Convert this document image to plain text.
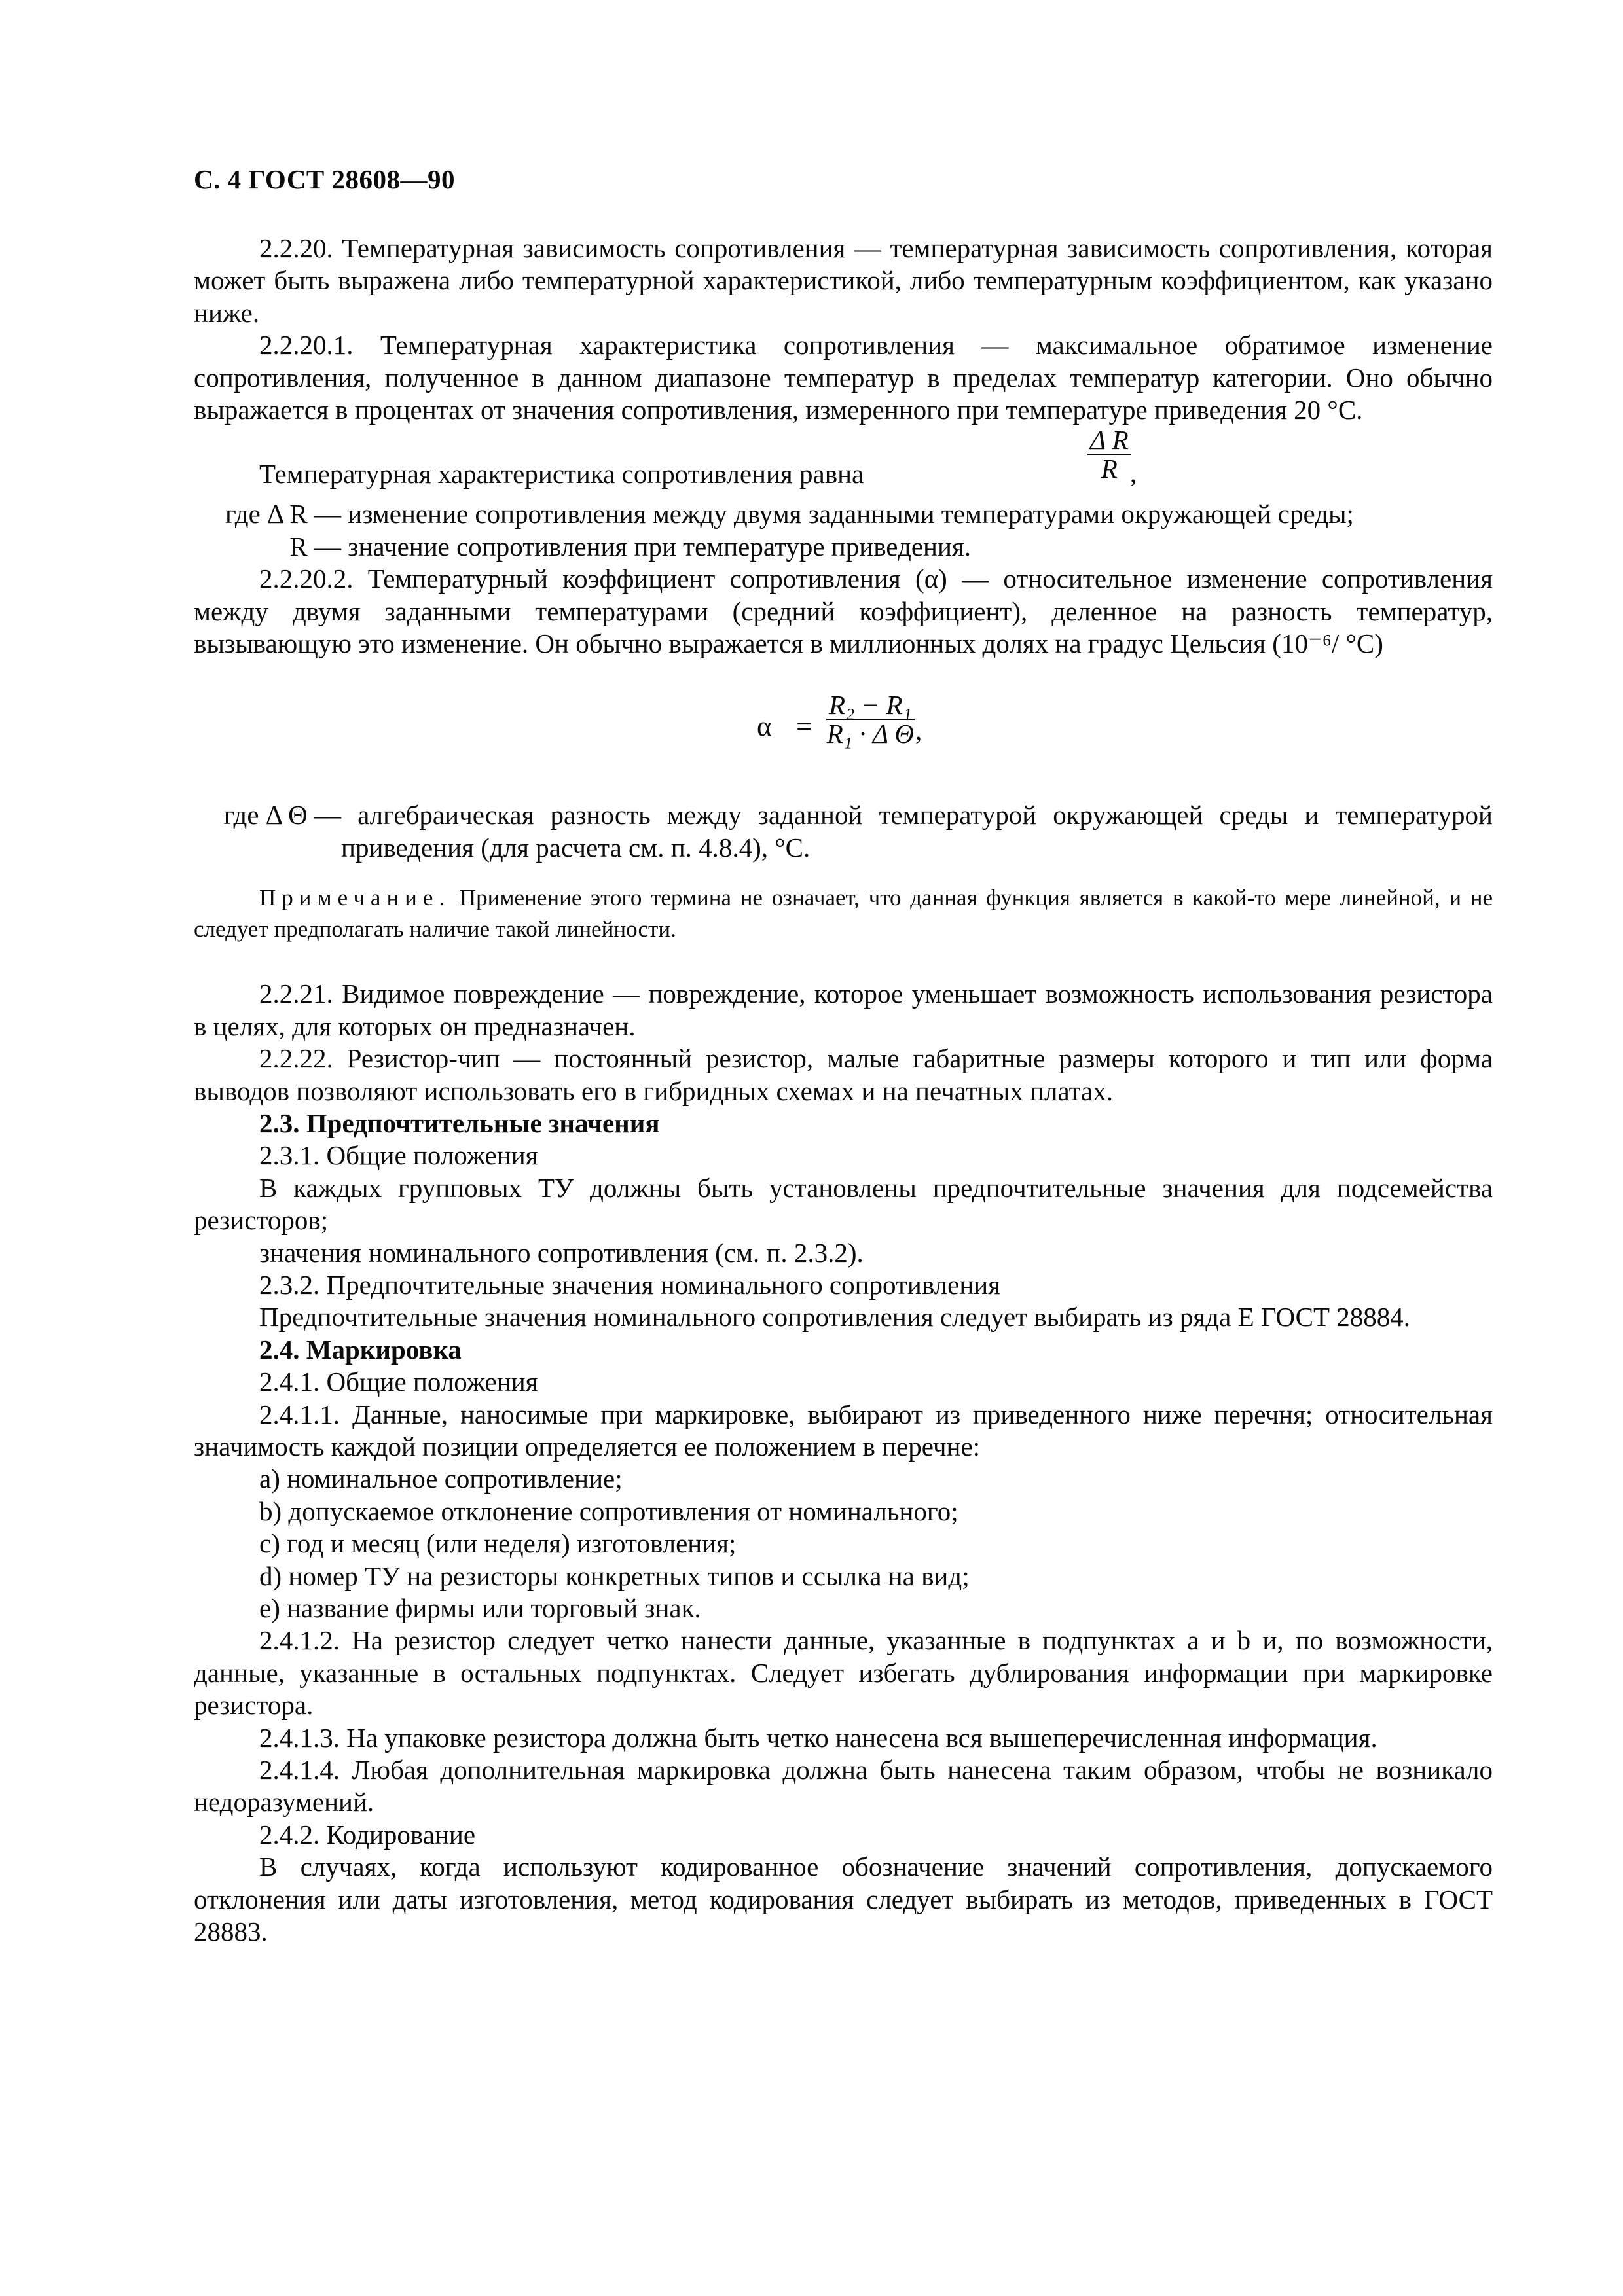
С. 4 ГОСТ 28608—90

2.2.20. Температурная зависимость сопротивления — температурная зависимость сопротивления, которая может быть выражена либо температурной характеристикой, либо температурным коэффициентом, как указано ниже.

2.2.20.1. Температурная характеристика сопротивления — максимальное обратимое изменение сопротивления, полученное в данном диапазоне температур в пределах температур категории. Оно обычно выражается в процентах от значения сопротивления, измеренного при температуре приведения 20 °С.

Температурная характеристика сопротивления равна	$\frac{\text{Δ R}}{R}$
,

где Δ R — изменение сопротивления между двумя заданными температурами окружающей среды;

R — значение сопротивления при температуре приведения.

2.2.20.2. Температурный коэффициент сопротивления (α) — относительное изменение сопротивления между двумя заданными температурами (средний коэффициент), деленное на разность температур, вызывающую это изменение. Он обычно выражается в миллионных долях на градус Цельсия (10⁻⁶/ °С)

$\alpha = \frac{\text{R₂ − R₁}}{\text{R₁ · Δ Θ}}$ ,

где Δ Θ — алгебраическая разность между заданной температурой окружающей среды и температурой приведения (для расчета см. п. 4.8.4), °С.

Примечание. Применение этого термина не означает, что данная функция является в какой-то мере линейной, и не следует предполагать наличие такой линейности.

2.2.21. Видимое повреждение — повреждение, которое уменьшает возможность использования резистора в целях, для которых он предназначен.

2.2.22. Резистор-чип — постоянный резистор, малые габаритные размеры которого и тип или форма выводов позволяют использовать его в гибридных схемах и на печатных платах.

2.3. Предпочтительные значения

2.3.1. Общие положения

В каждых групповых ТУ должны быть установлены предпочтительные значения для подсемейства резисторов;

значения номинального сопротивления (см. п. 2.3.2).

2.3.2. Предпочтительные значения номинального сопротивления

Предпочтительные значения номинального сопротивления следует выбирать из ряда Е ГОСТ 28884.

2.4. Маркировка

2.4.1. Общие положения

2.4.1.1. Данные, наносимые при маркировке, выбирают из приведенного ниже перечня; относительная значимость каждой позиции определяется ее положением в перечне:

a) номинальное сопротивление;

b) допускаемое отклонение сопротивления от номинального;

c) год и месяц (или неделя) изготовления;

d) номер ТУ на резисторы конкретных типов и ссылка на вид;

e) название фирмы или торговый знак.

2.4.1.2. На резистор следует четко нанести данные, указанные в подпунктах a и b и, по возможности, данные, указанные в остальных подпунктах. Следует избегать дублирования информации при маркировке резистора.

2.4.1.3. На упаковке резистора должна быть четко нанесена вся вышеперечисленная информация.

2.4.1.4. Любая дополнительная маркировка должна быть нанесена таким образом, чтобы не возникало недоразумений.

2.4.2. Кодирование

В случаях, когда используют кодированное обозначение значений сопротивления, допускаемого отклонения или даты изготовления, метод кодирования следует выбирать из методов, приведенных в ГОСТ 28883.
